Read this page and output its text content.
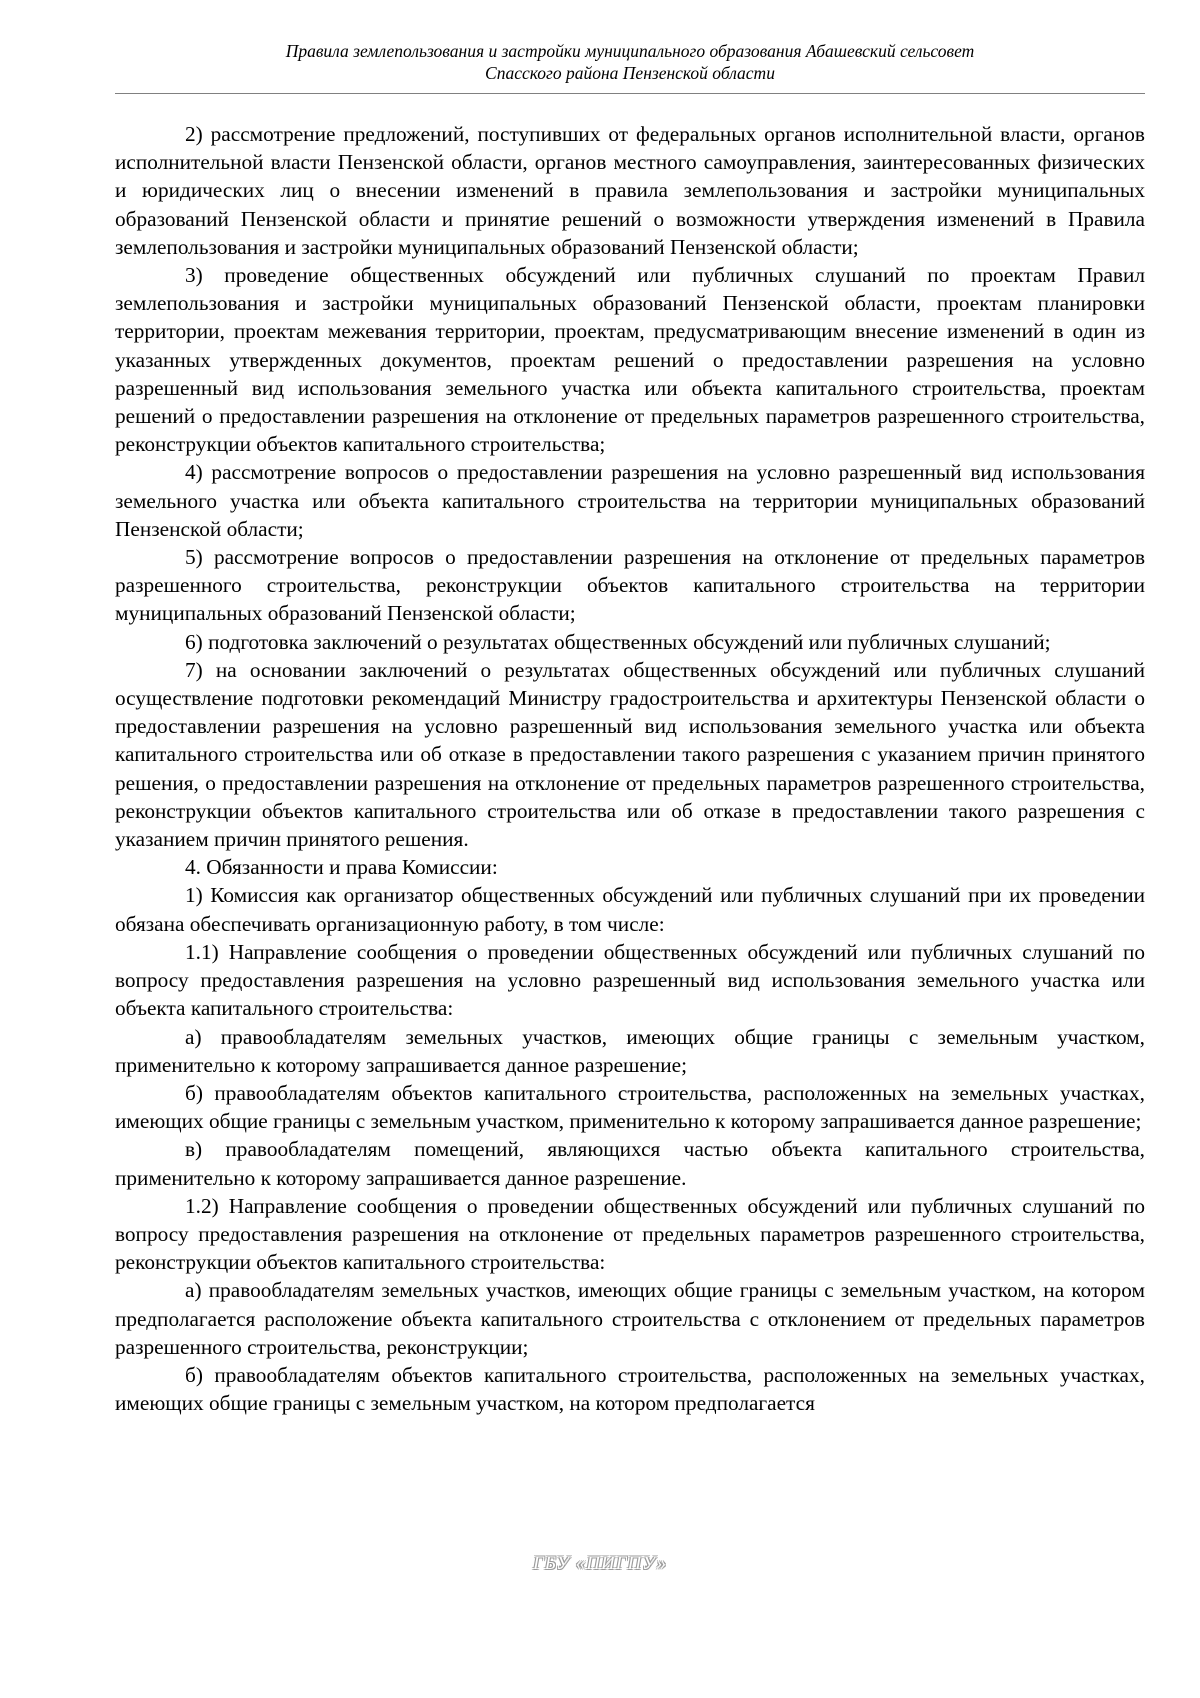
Правила землепользования и застройки муниципального образования Абашевский сельсовет
Спасского района Пензенской области

2) рассмотрение предложений, поступивших от федеральных органов исполнительной власти, органов исполнительной власти Пензенской области, органов местного самоуправления, заинтересованных физических и юридических лиц о внесении изменений в правила землепользования и застройки муниципальных образований Пензенской области и принятие решений о возможности утверждения изменений в Правила землепользования и застройки муниципальных образований Пензенской области;

3) проведение общественных обсуждений или публичных слушаний по проектам Правил землепользования и застройки муниципальных образований Пензенской области, проектам планировки территории, проектам межевания территории, проектам, предусматривающим внесение изменений в один из указанных утвержденных документов, проектам решений о предоставлении разрешения на условно разрешенный вид использования земельного участка или объекта капитального строительства, проектам решений о предоставлении разрешения на отклонение от предельных параметров разрешенного строительства, реконструкции объектов капитального строительства;

4) рассмотрение вопросов о предоставлении разрешения на условно разрешенный вид использования земельного участка или объекта капитального строительства на территории муниципальных образований Пензенской области;

5) рассмотрение вопросов о предоставлении разрешения на отклонение от предельных параметров разрешенного строительства, реконструкции объектов капитального строительства на территории муниципальных образований Пензенской области;

6) подготовка заключений о результатах общественных обсуждений или публичных слушаний;

7) на основании заключений о результатах общественных обсуждений или публичных слушаний осуществление подготовки рекомендаций Министру градостроительства и архитектуры Пензенской области о предоставлении разрешения на условно разрешенный вид использования земельного участка или объекта капитального строительства или об отказе в предоставлении такого разрешения с указанием причин принятого решения, о предоставлении разрешения на отклонение от предельных параметров разрешенного строительства, реконструкции объектов капитального строительства или об отказе в предоставлении такого разрешения с указанием причин принятого решения.

4. Обязанности и права Комиссии:

1) Комиссия как организатор общественных обсуждений или публичных слушаний при их проведении обязана обеспечивать организационную работу, в том числе:

1.1) Направление сообщения о проведении общественных обсуждений или публичных слушаний по вопросу предоставления разрешения на условно разрешенный вид использования земельного участка или объекта капитального строительства:

а) правообладателям земельных участков, имеющих общие границы с земельным участком, применительно к которому запрашивается данное разрешение;

б) правообладателям объектов капитального строительства, расположенных на земельных участках, имеющих общие границы с земельным участком, применительно к которому запрашивается данное разрешение;

в) правообладателям помещений, являющихся частью объекта капитального строительства, применительно к которому запрашивается данное разрешение.

1.2) Направление сообщения о проведении общественных обсуждений или публичных слушаний по вопросу предоставления разрешения на отклонение от предельных параметров разрешенного строительства, реконструкции объектов капитального строительства:

а) правообладателям земельных участков, имеющих общие границы с земельным участком, на котором предполагается расположение объекта капитального строительства с отклонением от предельных параметров разрешенного строительства, реконструкции;

б) правообладателям объектов капитального строительства, расположенных на земельных участках, имеющих общие границы с земельным участком, на котором предполагается

ГБУ «ПИГПУ»
